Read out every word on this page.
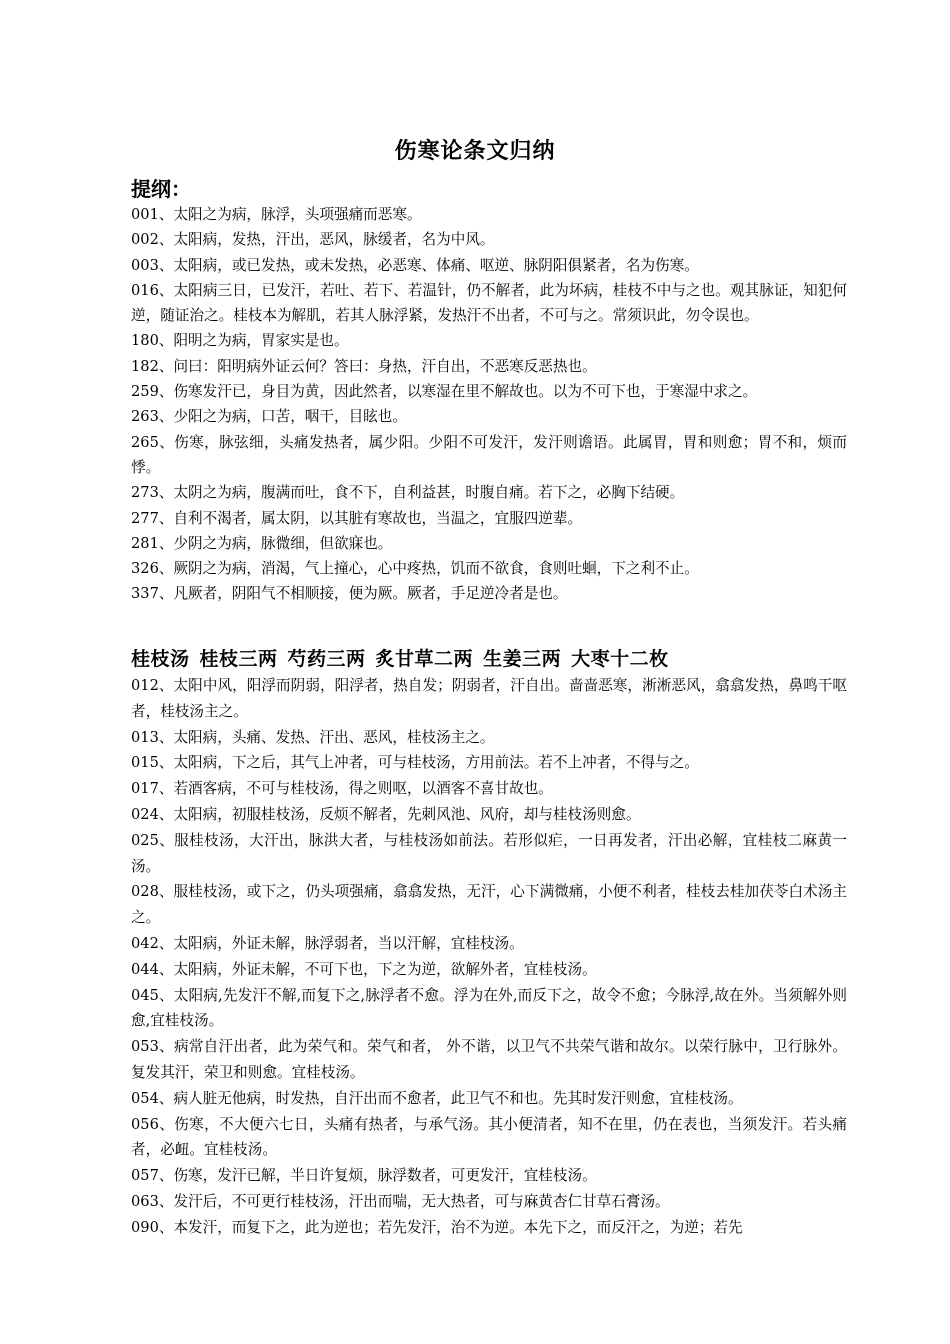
伤寒论条文归纳
提纲：
001、太阳之为病，脉浮，头项强痛而恶寒。
002、太阳病，发热，汗出，恶风，脉缓者，名为中风。
003、太阳病，或已发热，或未发热，必恶寒、体痛、呕逆、脉阴阳俱紧者，名为伤寒。
016、太阳病三日，已发汗，若吐、若下、若温针，仍不解者，此为坏病，桂枝不中与之也。观其脉证，知犯何逆，随证治之。桂枝本为解肌，若其人脉浮紧，发热汗不出者，不可与之。常须识此，勿令误也。
180、阳明之为病，胃家实是也。
182、问曰：阳明病外证云何？答曰：身热，汗自出，不恶寒反恶热也。
259、伤寒发汗已，身目为黄，因此然者，以寒湿在里不解故也。以为不可下也，于寒湿中求之。
263、少阳之为病，口苦，咽干，目眩也。
265、伤寒，脉弦细，头痛发热者，属少阳。少阳不可发汗，发汗则谵语。此属胃，胃和则愈；胃不和，烦而悸。
273、太阴之为病，腹满而吐，食不下，自利益甚，时腹自痛。若下之，必胸下结硬。
277、自利不渴者，属太阴，以其脏有寒故也，当温之，宜服四逆辈。
281、少阴之为病，脉微细，但欲寐也。
326、厥阴之为病，消渴，气上撞心，心中疼热，饥而不欲食，食则吐蛔，下之利不止。
337、凡厥者，阴阳气不相顺接，便为厥。厥者，手足逆冷者是也。
桂枝汤 桂枝三两 芍药三两 炙甘草二两 生姜三两 大枣十二枚
012、太阳中风，阳浮而阴弱，阳浮者，热自发；阴弱者，汗自出。啬啬恶寒，淅淅恶风，翕翕发热，鼻鸣干呕者，桂枝汤主之。
013、太阳病，头痛、发热、汗出、恶风，桂枝汤主之。
015、太阳病，下之后，其气上冲者，可与桂枝汤，方用前法。若不上冲者，不得与之。
017、若酒客病，不可与桂枝汤，得之则呕，以酒客不喜甘故也。
024、太阳病，初服桂枝汤，反烦不解者，先刺风池、风府，却与桂枝汤则愈。
025、服桂枝汤，大汗出，脉洪大者，与桂枝汤如前法。若形似疟，一日再发者，汗出必解，宜桂枝二麻黄一汤。
028、服桂枝汤，或下之，仍头项强痛，翕翕发热，无汗，心下满微痛，小便不利者，桂枝去桂加茯苓白术汤主之。
042、太阳病，外证未解，脉浮弱者，当以汗解，宜桂枝汤。
044、太阳病，外证未解，不可下也，下之为逆，欲解外者，宜桂枝汤。
045、太阳病,先发汗不解,而复下之,脉浮者不愈。浮为在外,而反下之，故令不愈；今脉浮,故在外。当须解外则愈,宜桂枝汤。
053、病常自汗出者，此为荣气和。荣气和者， 外不谐，以卫气不共荣气谐和故尔。以荣行脉中，卫行脉外。复发其汗，荣卫和则愈。宜桂枝汤。
054、病人脏无他病，时发热，自汗出而不愈者，此卫气不和也。先其时发汗则愈，宜桂枝汤。
056、伤寒，不大便六七日，头痛有热者，与承气汤。其小便清者，知不在里，仍在表也，当须发汗。若头痛者，必衄。宜桂枝汤。
057、伤寒，发汗已解，半日许复烦，脉浮数者，可更发汗，宜桂枝汤。
063、发汗后，不可更行桂枝汤，汗出而喘，无大热者，可与麻黄杏仁甘草石膏汤。
090、本发汗，而复下之，此为逆也；若先发汗，治不为逆。本先下之，而反汗之，为逆；若先
